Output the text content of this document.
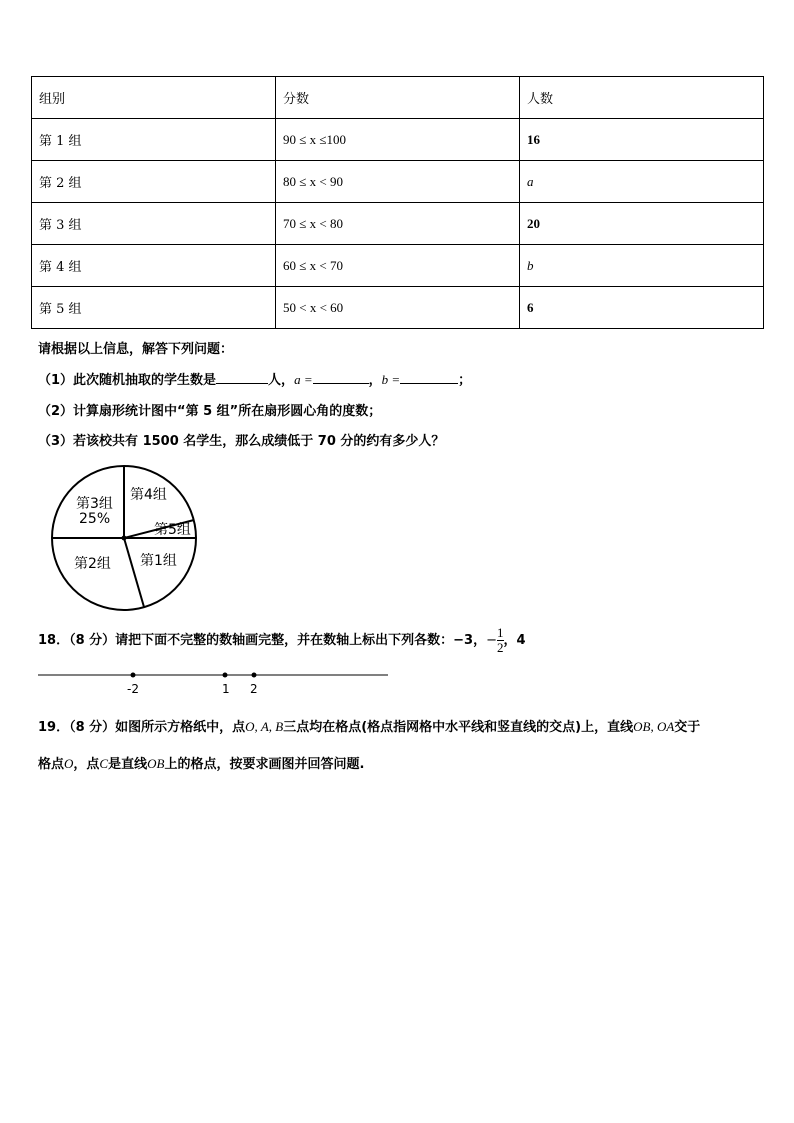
组别	分数	人数
第 1 组	90 ≤ x ≤100	16
第 2 组	80 ≤ x < 90	a
第 3 组	70 ≤ x < 80	20
第 4 组	60 ≤ x < 70	b
第 5 组	50 < x < 60	6
请根据以上信息，解答下列问题：
（1）此次随机抽取的学生数是	人，a =	，b =	；
（2）计算扇形统计图中“第 5 组”所在扇形圆心角的度数；
（3）若该校共有 1500 名学生，那么成绩低于 70 分的约有多少人？
第3组
25%
第4组
第5组
第1组
第2组
18．（8 分）请把下面不完整的数轴画完整，并在数轴上标出下列各数：−3，− $\frac{1}{2}$ ，4
-2	1 2
19．（8 分）如图所示方格纸中，点O, A, B三点均在格点(格点指网格中水平线和竖直线的交点)上，直线OB, OA交于
格点O，点C是直线OB上的格点，按要求画图并回答问题.
